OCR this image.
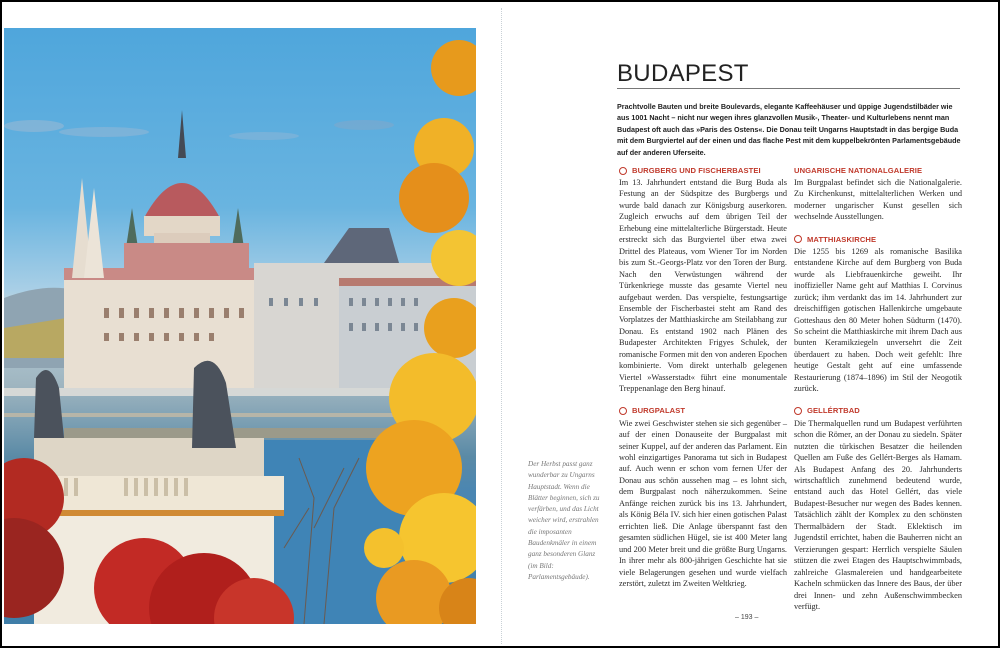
Der Herbst passt ganz wunderbar zu Ungarns Hauptstadt. Wenn die Blätter beginnen, sich zu verfärben, und das Licht weicher wird, erstrahlen die imposanten Baudenkmäler in einem ganz besonderen Glanz (im Bild: Parlamentsgebäude).
BUDAPEST

Prachtvolle Bauten und breite Boulevards, elegante Kaffeehäuser und üppige Jugendstilbäder wie aus 1001 Nacht – nicht nur wegen ihres glanzvollen Musik-, Theater- und Kulturlebens nennt man Budapest oft auch das »Paris des Ostens«. Die Donau teilt Ungarns Hauptstadt in das bergige Buda mit dem Burgviertel auf der einen und das flache Pest mit dem kuppelbekrönten Parlamentsgebäude auf der anderen Uferseite.

BURGBERG UND FISCHERBASTEI

Im 13. Jahrhundert entstand die Burg Buda als Festung an der Südspitze des Burgbergs und wurde bald danach zur Königsburg auserkoren. Zugleich erwuchs auf dem übrigen Teil der Erhebung eine mittelalterliche Bürgerstadt. Heute erstreckt sich das Burgviertel über etwa zwei Drittel des Plateaus, vom Wiener Tor im Norden bis zum St.-Georgs-Platz vor den Toren der Burg. Nach den Verwüstungen während der Türkenkriege musste das gesamte Viertel neu aufgebaut werden. Das verspielte, festungsartige Ensemble der Fischerbastei steht am Rand des Vorplatzes der Matthiaskirche am Steilabhang zur Donau. Es entstand 1902 nach Plänen des Budapester Architekten Frigyes Schulek, der romanische Formen mit den von anderen Epochen kombinierte. Vom direkt unterhalb gelegenen Viertel »Wasserstadt« führt eine monumentale Treppenanlage den Berg hinauf.

BURGPALAST

Wie zwei Geschwister stehen sie sich gegenüber – auf der einen Donauseite der Burgpalast mit seiner Kuppel, auf der anderen das Parlament. Ein wohl einzigartiges Panorama tut sich in Budapest auf. Auch wenn er schon vom fernen Ufer der Donau aus schön aussehen mag – es lohnt sich, dem Burgpalast noch näherzukommen. Seine Anfänge reichen zurück bis ins 13. Jahrhundert, als König Béla IV. sich hier einen gotischen Palast errichten ließ. Die Anlage überspannt fast den gesamten südlichen Hügel, sie ist 400 Meter lang und 200 Meter breit und die größte Burg Ungarns. In ihrer mehr als 800-jährigen Geschichte hat sie viele Belagerungen gesehen und wurde vielfach zerstört, zuletzt im Zweiten Weltkrieg.

UNGARISCHE NATIONALGALERIE

Im Burgpalast befindet sich die Nationalgalerie. Zu Kirchenkunst, mittelalterlichen Werken und moderner ungarischer Kunst gesellen sich wechselnde Ausstellungen.

MATTHIASKIRCHE

Die 1255 bis 1269 als romanische Basilika entstandene Kirche auf dem Burgberg von Buda wurde als Liebfrauenkirche geweiht. Ihr inoffizieller Name geht auf Matthias I. Corvinus zurück; ihm verdankt das im 14. Jahrhundert zur dreischiffigen gotischen Hallenkirche umgebaute Gotteshaus den 80 Meter hohen Südturm (1470). So scheint die Matthiaskirche mit ihrem Dach aus bunten Keramikziegeln unversehrt die Zeit überdauert zu haben. Doch weit gefehlt: Ihre heutige Gestalt geht auf eine umfassende Restaurierung (1874–1896) im Stil der Neogotik zurück.

GELLÉRTBAD

Die Thermalquellen rund um Budapest verführten schon die Römer, an der Donau zu siedeln. Später nutzten die türkischen Besatzer die heilenden Quellen am Fuße des Gellért-Berges als Hamam. Als Budapest Anfang des 20. Jahrhunderts wirtschaftlich zunehmend bedeutend wurde, entstand auch das Hotel Gellért, das viele Budapest-Besucher nur wegen des Bades kennen. Tatsächlich zählt der Komplex zu den schönsten Thermalbädern der Stadt. Eklektisch im Jugendstil errichtet, haben die Bauherren nicht an Verzierungen gespart: Herrlich verspielte Säulen stützen die zwei Etagen des Hauptschwimmbads, zahlreiche Glasmalereien und handgearbeitete Kacheln schmücken das Innere des Baus, der über drei Innen- und zehn Außenschwimmbecken verfügt.

– 193 –
